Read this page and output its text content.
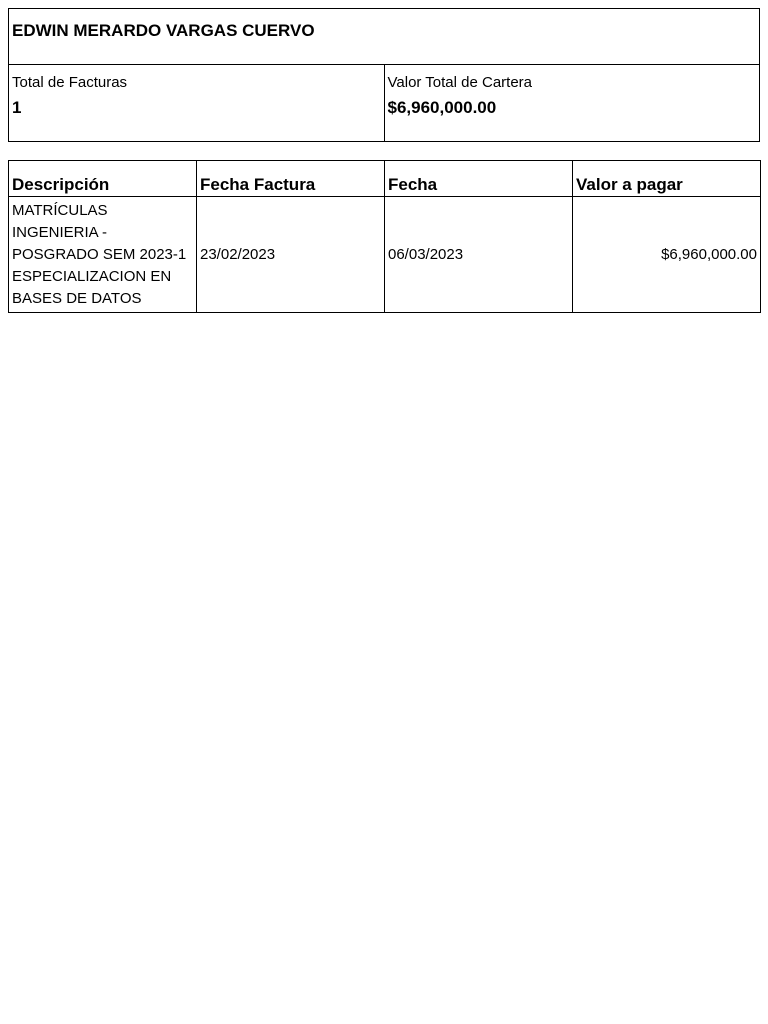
EDWIN MERARDO VARGAS CUERVO
Total de Facturas
1
Valor Total de Cartera
$6,960,000.00
Descripción	Fecha Factura	Fecha	Valor a pagar
MATRÍCULAS
INGENIERIA -
POSGRADO SEM 2023-1
ESPECIALIZACION EN
BASES DE DATOS	23/02/2023	06/03/2023	$6,960,000.00
